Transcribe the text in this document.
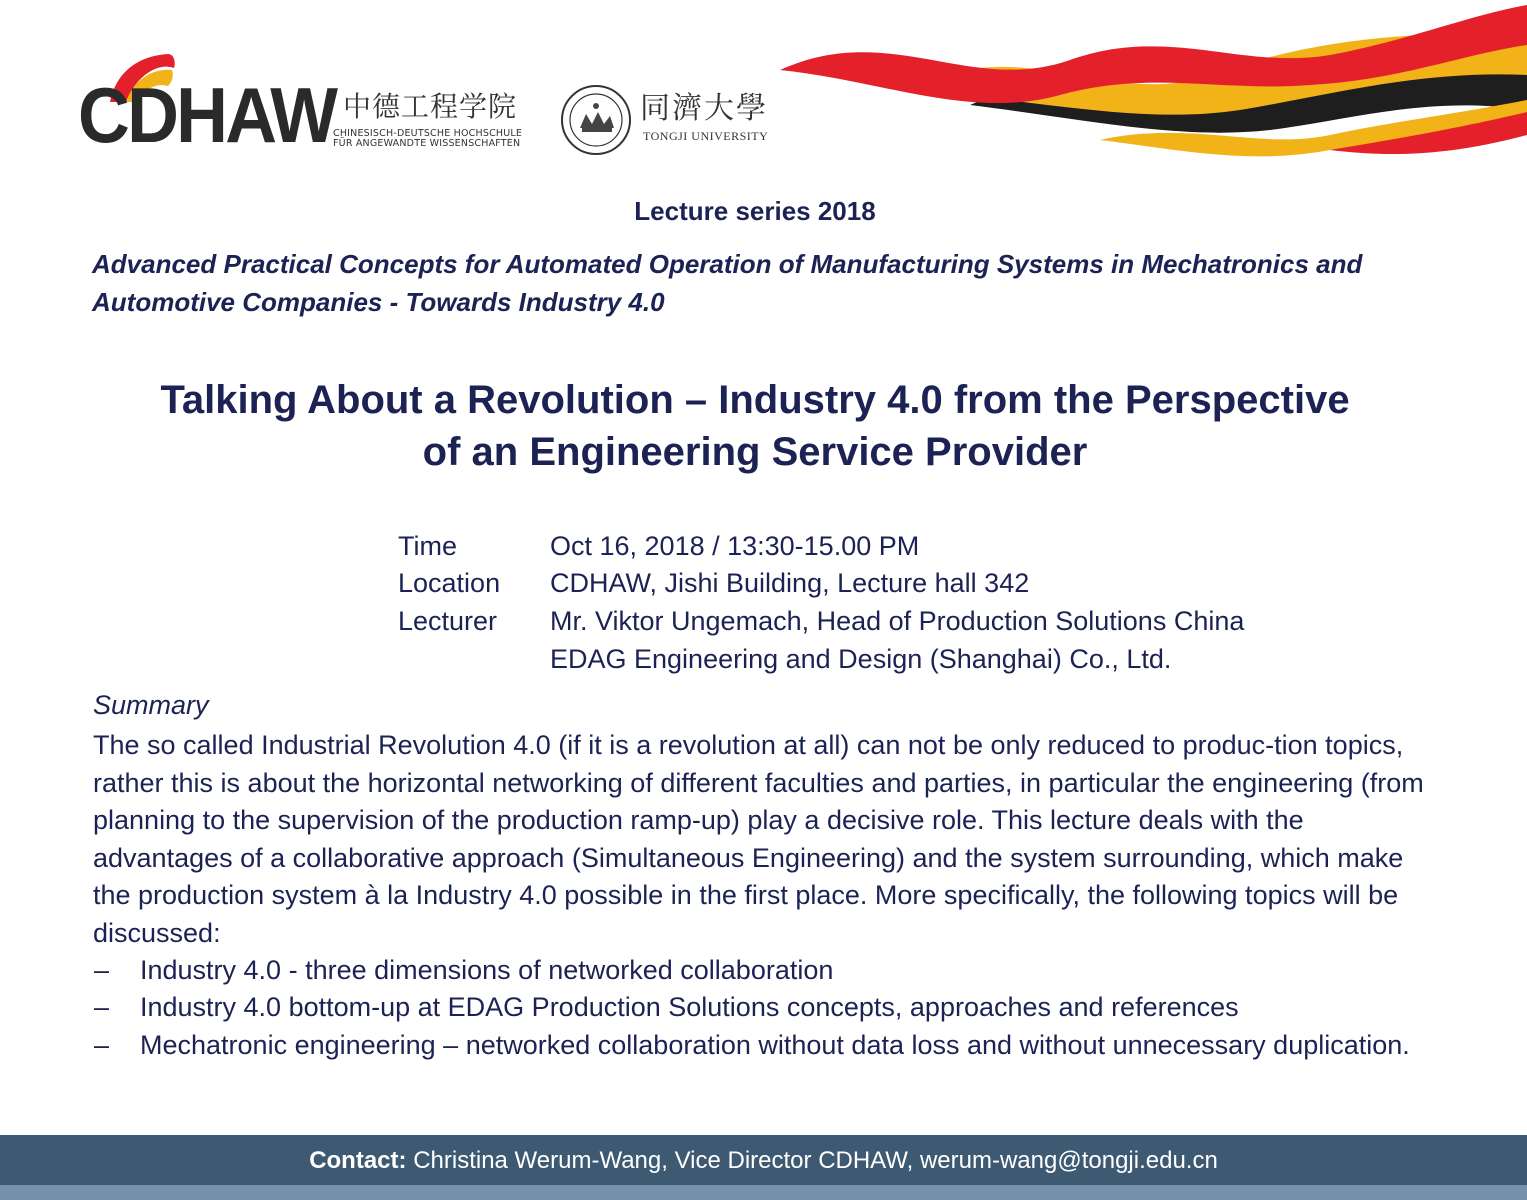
CDHAW 中德工程学院
CHINESISCH-DEUTSCHE HOCHSCHULE
FÜR ANGEWANDTE WISSENSCHAFTEN
同濟大學
TONGJI UNIVERSITY
Lecture series 2018
Advanced Practical Concepts for Automated Operation of Manufacturing Systems in Mechatronics and Automotive Companies - Towards Industry 4.0
Talking About a Revolution – Industry 4.0 from the Perspective
of an Engineering Service Provider
Time	Oct 16, 2018 / 13:30-15.00 PM
Location CDHAW, Jishi Building, Lecture hall 342
Lecturer Mr. Viktor Ungemach, Head of Production Solutions China
EDAG Engineering and Design (Shanghai) Co., Ltd.
Summary
The so called Industrial Revolution 4.0 (if it is a revolution at all) can not be only reduced to produc-tion topics, rather this is about the horizontal networking of different faculties and parties, in particular the engineering (from planning to the supervision of the production ramp-up) play a decisive role. This lecture deals with the advantages of a collaborative approach (Simultaneous Engineering) and the system surrounding, which make the production system à la Industry 4.0 possible in the first place. More specifically, the following topics will be discussed:
– Industry 4.0 - three dimensions of networked collaboration
– Industry 4.0 bottom-up at EDAG Production Solutions concepts, approaches and references
– Mechatronic engineering – networked collaboration without data loss and without unnecessary duplication.
Contact: Christina Werum-Wang, Vice Director CDHAW, werum-wang@tongji.edu.cn
